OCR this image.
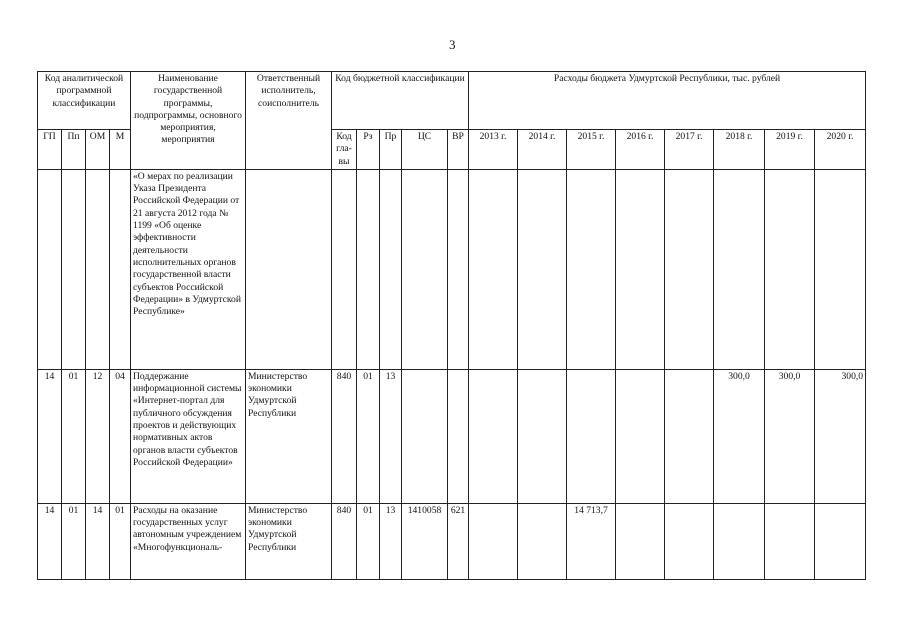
3
Код аналитической программной классификации				Наименование государственной программы, подпрограммы, основного мероприятия, мероприятия	Ответственный исполнитель, соисполнитель	Код бюджетной классификации					Расходы бюджета Удмуртской Республики, тыс. рублей							
ГП	Пп	ОМ	М			Код гла-вы	Рз	Пр	ЦС	ВР	2013 г.	2014 г.	2015 г.	2016 г.	2017 г.	2018 г.	2019 г.	2020 г.
				«О мерах по реализации Указа Президента Российской Федерации от 21 августа 2012 года № 1199 «Об оценке эффективности деятельности исполнительных органов государственной власти субъектов Российской Федерации» в Удмуртской Республике»														
14	01	12	04	Поддержание информационной системы «Интернет-портал для публичного обсуждения проектов и действующих нормативных актов органов власти субъектов Российской Федерации»	Министерство экономики Удмуртской Республики	840	01	13								300,0	300,0	300,0
14	01	14	01	Расходы на оказание государственных услуг автономным учреждением «Многофункциональ-	Министерство экономики Удмуртской Республики	840	01	13	1410058	621			14 713,7					
